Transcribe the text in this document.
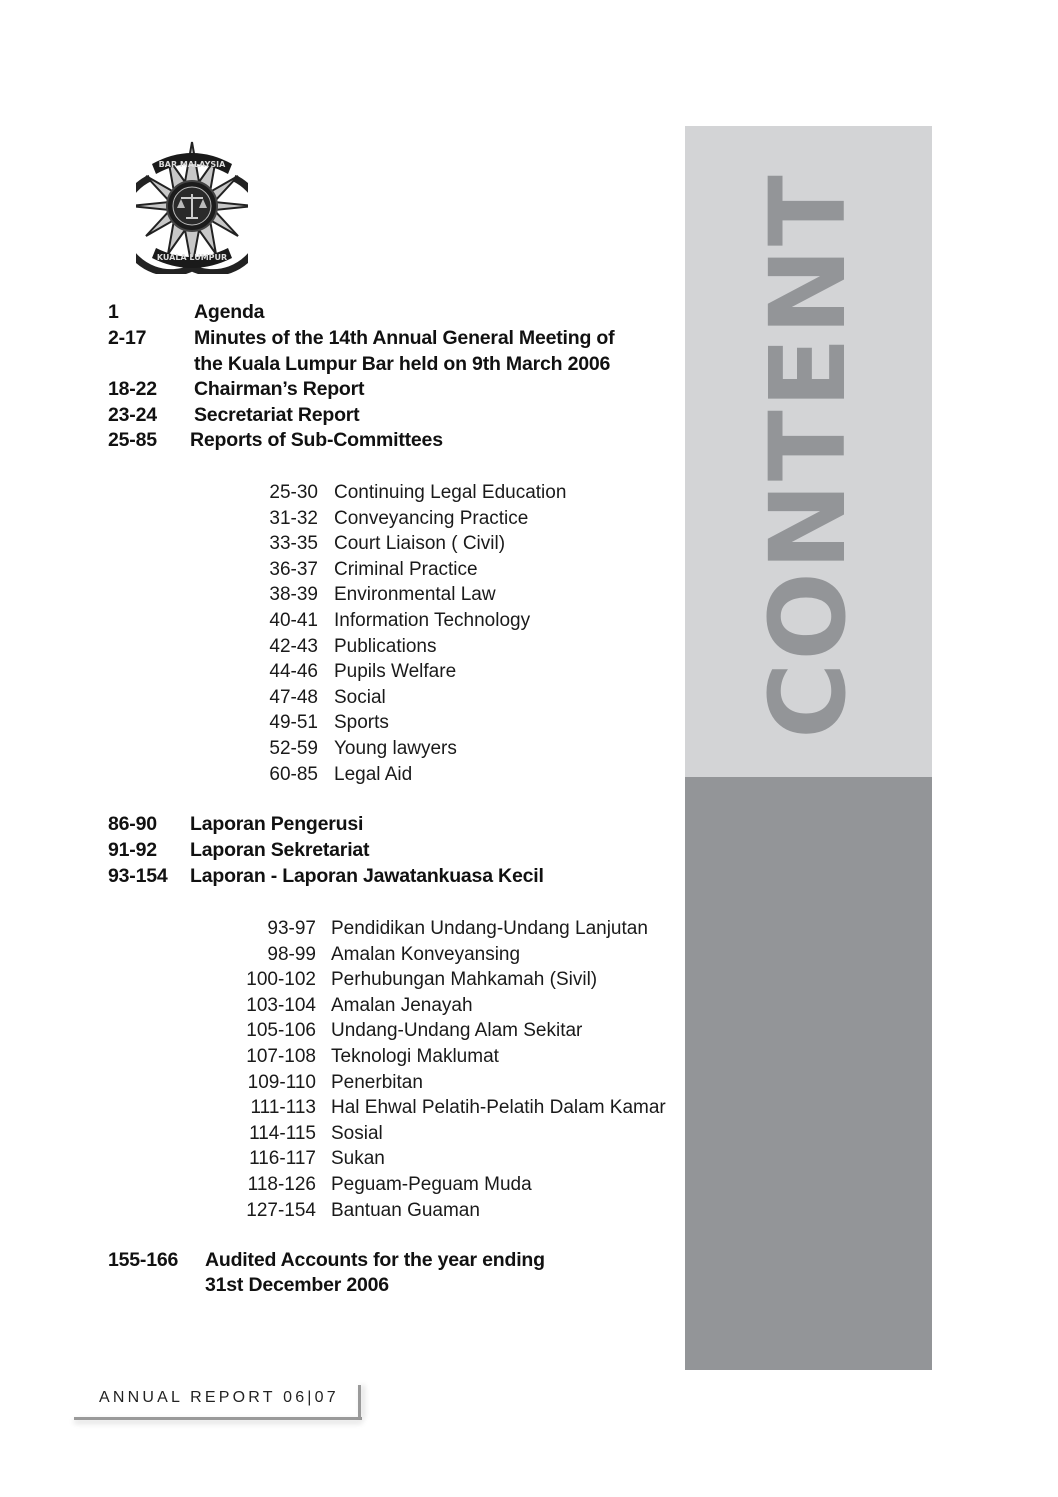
BAR MALAYSIA
KUALA LUMPUR	CONTENT
1	Agenda
2-17 Minutes of the 14th Annual General Meeting of
the Kuala Lumpur Bar held on 9th March 2006
18-22 Chairman’s Report
23-24 Secretariat Report
25-85 Reports of Sub-Committees
25-30 Continuing Legal Education
31-32 Conveyancing Practice
33-35 Court Liaison ( Civil)
36-37 Criminal Practice
38-39 Environmental Law
40-41 Information Technology
42-43 Publications
44-46 Pupils Welfare
47-48 Social
49-51 Sports
52-59 Young lawyers
60-85 Legal Aid
86-90 Laporan Pengerusi
91-92 Laporan Sekretariat
93-154 Laporan - Laporan Jawatankuasa Kecil
93-97 Pendidikan Undang-Undang Lanjutan
98-99 Amalan Konveyansing
100-102 Perhubungan Mahkamah (Sivil)
103-104 Amalan Jenayah
105-106 Undang-Undang Alam Sekitar
107-108 Teknologi Maklumat
109-110 Penerbitan
111-113 Hal Ehwal Pelatih-Pelatih Dalam Kamar
114-115 Sosial
116-117 Sukan
118-126 Peguam-Peguam Muda
127-154 Bantuan Guaman
155-166 Audited Accounts for the year ending
31st December 2006
ANNUAL REPORT 06|07
